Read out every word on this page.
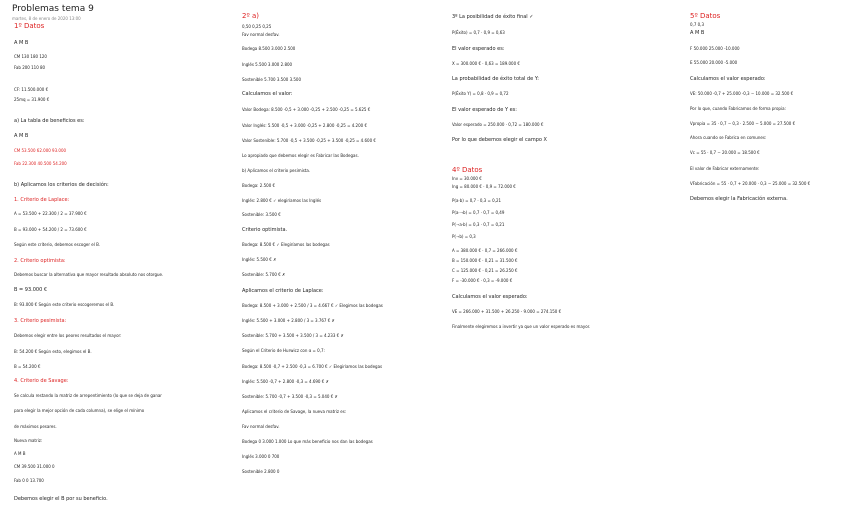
Problemas tema 9
martes, 8 de enero de 2020 13:00
1º Datos
A M B
CM 130 180 120
Fab 200 110 80
CF: 11.500.000 €
25mq = 31.900 €
a) La tabla de beneficios es:
A M B
CM 53.500 62.000 93.000
Fab 22.300 40.500 54.200
b) Aplicamos los criterios de decisión:
1. Criterio de Laplace:
A = 53.500 + 22.300 / 2 = 37.900 €
B = 93.000 + 54.200 / 2 = 73.600 €
Según este criterio, debemos escoger el B.
2. Criterio optimista:
Debemos buscar la alternativa que mayor resultado absoluto nos otorgue.
B = 93.000 €
B: 93.000 € Según este criterio escogeremos el B.
3. Criterio pesimista:
Debemos elegir entre los peores resultados el mayor:
B: 54.200 € Según esto, elegimos el B.
B = 54.200 €
4. Criterio de Savage:
Se calcula restando la matriz de arrepentimiento (lo que se deja de ganar
para elegir la mejor opción de cada columna), se elige el mínimo
de máximos pesares.
Nueva matriz:
A M B
CM 39.500 31.000 0
Fab 0 0 13.700
Debemos elegir el B por su beneficio.
2º a)
0,50 0,25 0,25
Fav normal desfav.
Bodega 8.500 3.000 2.500
Inglés 5.500 3.000 2.800
Sostenible 5.700 3.500 3.500
Calculamos el valor:
Valor Bodega: 8.500 ·0,5 + 3.000 ·0,25 + 2.500 ·0,25 = 5.625 €
Valor Inglés: 5.500 ·0,5 + 3.000 ·0,25 + 2.800 ·0,25 = 4.200 €
Valor Sostenible: 5.700 ·0,5 + 3.500 ·0,25 + 3.500 ·0,25 = 4.600 €
Lo apropiado que debemos elegir es Fabricar las Bodegas.
b) Aplicamos el criterio pesimista.
Bodega: 2.500 €
Inglés: 2.800 € ✓ elegiríamos las Inglés
Sostenible: 3.500 €
Criterio optimista.
Bodega: 8.500 € ✓ Elegiríamos las bodegas
Inglés: 5.500 € ✗
Sostenible: 5.700 € ✗
Aplicamos el criterio de Laplace:
Bodega: 8.500 + 3.000 + 2.500 / 3 = 4.667 € ✓ Elegimos las bodegas
Inglés: 5.500 + 3.000 + 2.800 / 3 = 3.767 € ✗
Sostenible: 5.700 + 3.500 + 3.500 / 3 = 4.233 € ✗
Según el Criterio de Hurwicz con α = 0,7:
Bodega: 8.500 ·0,7 + 2.500 ·0,3 = 6.700 € ✓ Elegiríamos las bodegas
Inglés: 5.500 ·0,7 + 2.800 ·0,3 = 4.690 € ✗
Sostenible: 5.700 ·0,7 + 3.500 ·0,3 = 5.040 € ✗
Aplicamos el criterio de Savage, la nueva matriz es:
Fav normal desfav.
Bodega 0 3.000 1.000 Lo que más beneficio nos dan las bodegas
Inglés 3.000 0 700
Sostenible 2.800 0
3º La posibilidad de éxito final ✓
P(Éxito) = 0,7 · 0,9 = 0,63
El valor esperado es:
X = 300.000 € · 0,63 = 189.000 €
La probabilidad de éxito total de Y:
P(Éxito Y) = 0,8 · 0,9 = 0,72
El valor esperado de Y es:
Valor esperado = 250.000 · 0,72 = 180.000 €
Por lo que debemos elegir el campo X
4º Datos
Inv = 30.000 €
Ing = 80.000 € · 0,9 = 72.000 €
P(a·b) = 0,7 · 0,3 = 0,21
P(a·¬b) = 0,7 · 0,7 = 0,49
P(¬a·b) = 0,3 · 0,7 = 0,21
P(¬b) = 0,3
A = 380.000 € · 0,7 = 266.000 €
B = 150.000 € · 0,21 = 31.500 €
C = 125.000 € · 0,21 = 26.250 €
F = -30.000 € · 0,3 = -9.000 €
Calculamos el valor esperado:
VE = 266.000 + 31.500 + 26.250 - 9.000 = 274.150 €
Finalmente elegiremos a invertir ya que un valor esperado es mayor.
5º Datos
0,7 0,3
A M B
F 50.000 25.000 -10.000
E 55.000 20.000 -5.000
Calculamos el valor esperado:
VE: 50.000 ·0,7 + 25.000 ·0,3 − 10.000 = 32.500 €
Por lo que, cuando Fabricamos de forma propia:
Vpropia = 35 · 0,7 − 0,3 · 2.500 − 5.000 = 27.500 €
Ahora cuando se Fabrica en comunes:
Vc = 55 · 0,7 − 20.000 = 18.500 €
El valor de Fabricar externamente:
VFabricación = 55 · 0,7 + 20.000 · 0,3 − 25.000 = 32.500 €
Debemos elegir la Fabricación externa.
